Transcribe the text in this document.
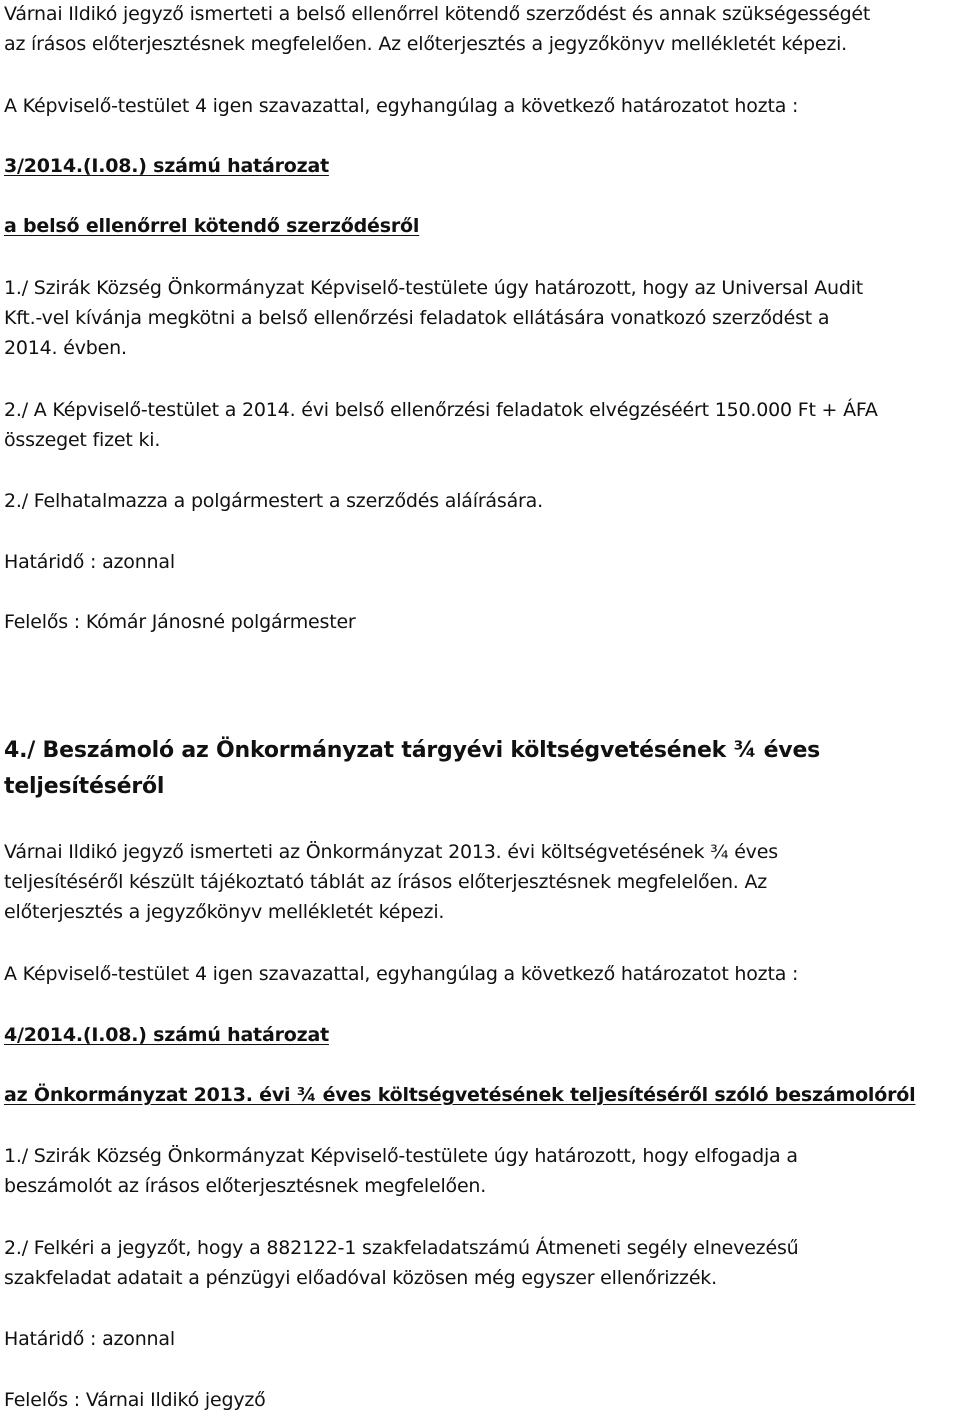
Várnai Ildikó jegyző ismerteti a belső ellenőrrel kötendő szerződést és annak szükségességét
az írásos előterjesztésnek megfelelően. Az előterjesztés a jegyzőkönyv mellékletét képezi.
A Képviselő-testület 4 igen szavazattal, egyhangúlag a következő határozatot hozta :
3/2014.(I.08.) számú határozat
a belső ellenőrrel kötendő szerződésről
1./ Szirák Község Önkormányzat Képviselő-testülete úgy határozott, hogy az Universal Audit
Kft.-vel kívánja megkötni a belső ellenőrzési feladatok ellátására vonatkozó szerződést a
2014. évben.
2./ A Képviselő-testület a 2014. évi belső ellenőrzési feladatok elvégzéséért 150.000 Ft + ÁFA
összeget fizet ki.
2./ Felhatalmazza a polgármestert a szerződés aláírására.
Határidő : azonnal
Felelős : Kómár Jánosné polgármester
4./ Beszámoló az Önkormányzat tárgyévi költségvetésének ¾ éves
teljesítéséről
Várnai Ildikó jegyző ismerteti az Önkormányzat 2013. évi költségvetésének ¾ éves
teljesítéséről készült tájékoztató táblát az írásos előterjesztésnek megfelelően. Az
előterjesztés a jegyzőkönyv mellékletét képezi.
A Képviselő-testület 4 igen szavazattal, egyhangúlag a következő határozatot hozta :
4/2014.(I.08.) számú határozat
az Önkormányzat 2013. évi ¾ éves költségvetésének teljesítéséről szóló beszámolóról
1./ Szirák Község Önkormányzat Képviselő-testülete úgy határozott, hogy elfogadja a
beszámolót az írásos előterjesztésnek megfelelően.
2./ Felkéri a jegyzőt, hogy a 882122-1 szakfeladatszámú Átmeneti segély elnevezésű
szakfeladat adatait a pénzügyi előadóval közösen még egyszer ellenőrizzék.
Határidő : azonnal
Felelős : Várnai Ildikó jegyző
